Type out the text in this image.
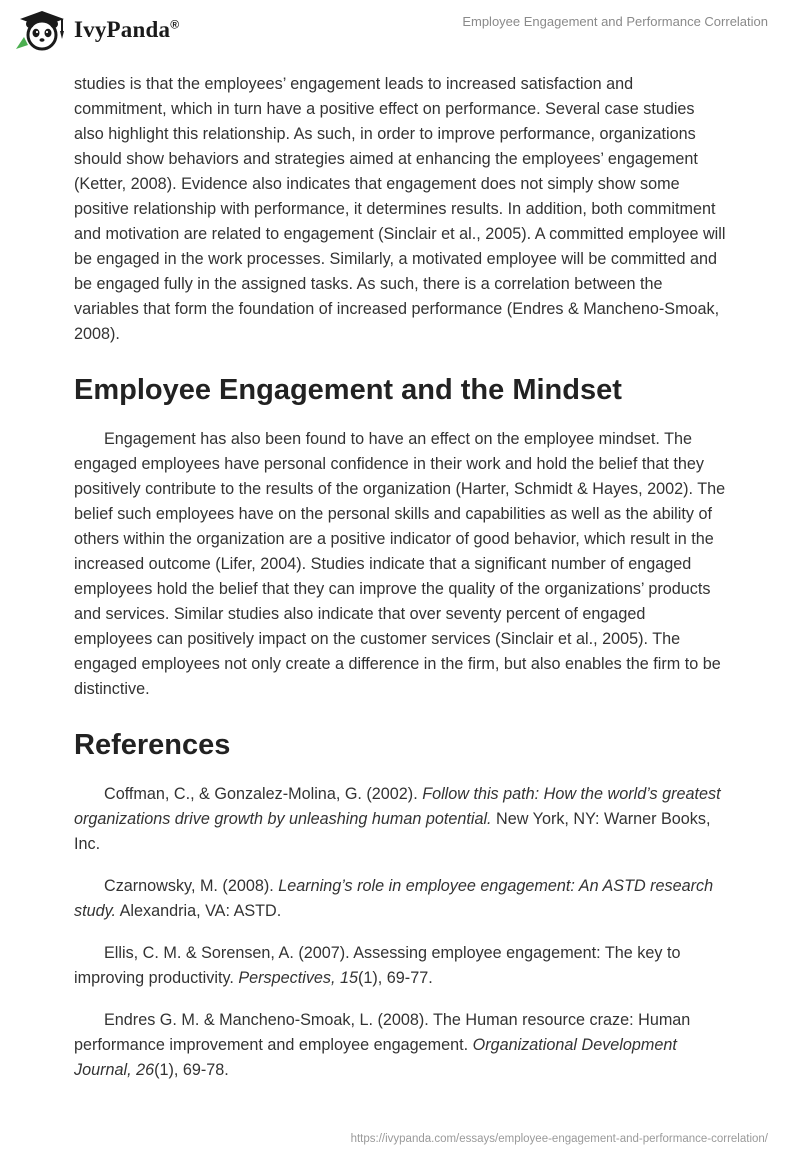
IvyPanda®	Employee Engagement and Performance Correlation

studies is that the employees’ engagement leads to increased satisfaction and commitment, which in turn have a positive effect on performance. Several case studies also highlight this relationship. As such, in order to improve performance, organizations should show behaviors and strategies aimed at enhancing the employees’ engagement (Ketter, 2008). Evidence also indicates that engagement does not simply show some positive relationship with performance, it determines results. In addition, both commitment and motivation are related to engagement (Sinclair et al., 2005). A committed employee will be engaged in the work processes. Similarly, a motivated employee will be committed and be engaged fully in the assigned tasks. As such, there is a correlation between the variables that form the foundation of increased performance (Endres & Mancheno-Smoak, 2008).

Employee Engagement and the Mindset

Engagement has also been found to have an effect on the employee mindset. The engaged employees have personal confidence in their work and hold the belief that they positively contribute to the results of the organization (Harter, Schmidt & Hayes, 2002). The belief such employees have on the personal skills and capabilities as well as the ability of others within the organization are a positive indicator of good behavior, which result in the increased outcome (Lifer, 2004). Studies indicate that a significant number of engaged employees hold the belief that they can improve the quality of the organizations’ products and services. Similar studies also indicate that over seventy percent of engaged employees can positively impact on the customer services (Sinclair et al., 2005). The engaged employees not only create a difference in the firm, but also enables the firm to be distinctive.

References

Coffman, C., & Gonzalez-Molina, G. (2002). Follow this path: How the world’s greatest organizations drive growth by unleashing human potential. New York, NY: Warner Books, Inc.

Czarnowsky, M. (2008). Learning’s role in employee engagement: An ASTD research study. Alexandria, VA: ASTD.

Ellis, C. M. & Sorensen, A. (2007). Assessing employee engagement: The key to improving productivity. Perspectives, 15(1), 69-77.

Endres G. M. & Mancheno-Smoak, L. (2008). The Human resource craze: Human performance improvement and employee engagement. Organizational Development Journal, 26(1), 69-78.

https://ivypanda.com/essays/employee-engagement-and-performance-correlation/
